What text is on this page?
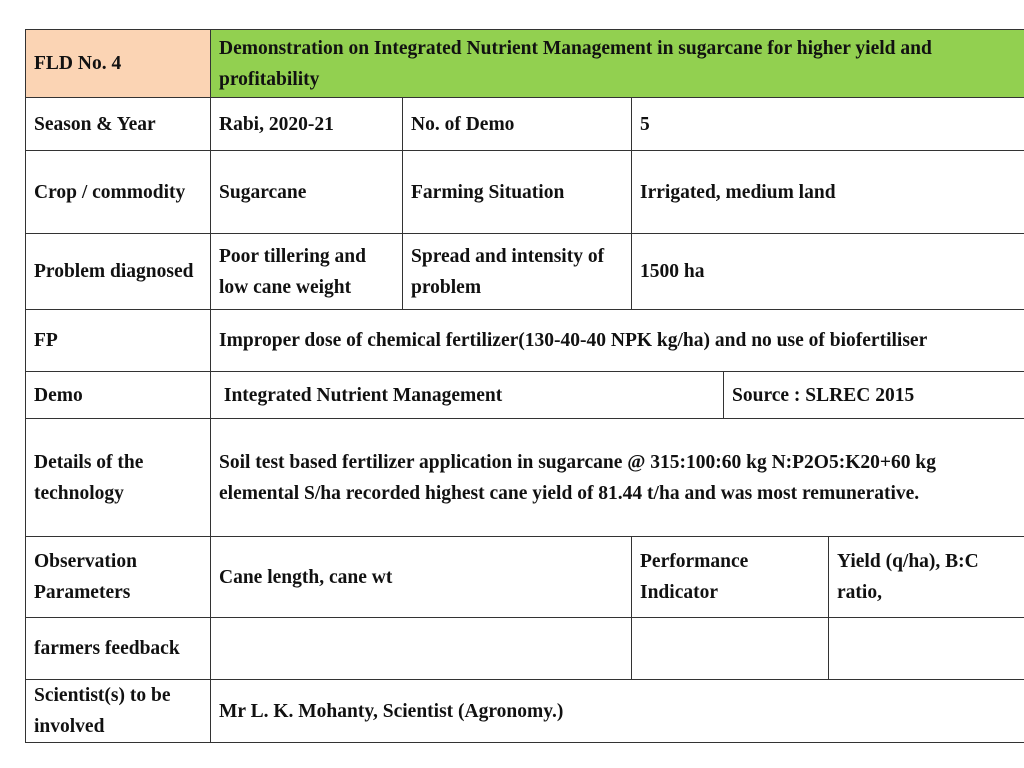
FLD No. 4	Demonstration on Integrated Nutrient Management in sugarcane for higher yield and profitability				
Season & Year	Rabi, 2020-21	No. of Demo	5		
Crop / commodity	Sugarcane	Farming Situation	Irrigated, medium land		
Problem diagnosed	Poor tillering and low cane weight	Spread and intensity of problem	1500 ha		
FP	Improper dose of chemical fertilizer(130-40-40 NPK kg/ha) and no use of biofertiliser				
Demo	Integrated Nutrient Management			Source : SLREC 2015	
Details of the technology	Soil test based fertilizer application in sugarcane @ 315:100:60 kg N:P2O5:K20+60 kg elemental S/ha recorded highest cane yield of 81.44 t/ha and was most remunerative.				
Observation Parameters	Cane length, cane wt		Performance Indicator		Yield (q/ha), B:C ratio,
farmers feedback					
Scientist(s) to be involved	Mr L. K. Mohanty, Scientist (Agronomy.)				
